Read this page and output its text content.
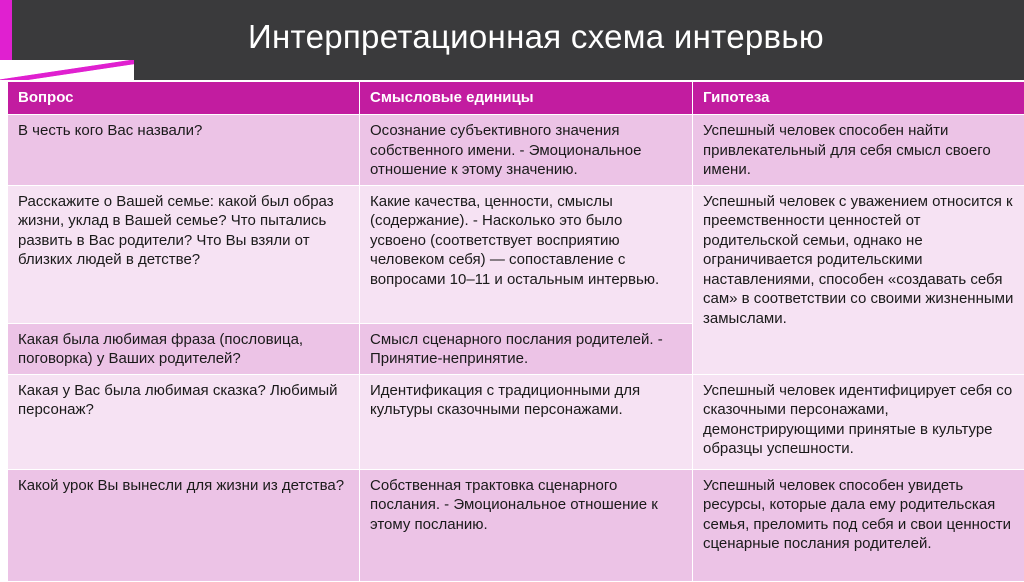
Интерпретационная схема интервью
Вопрос	Смысловые единицы	Гипотеза
В честь кого Вас назвали?	Осознание субъективного значения собственного имени. - Эмоциональное отношение к этому значению.	Успешный человек способен найти привлекательный для себя смысл своего имени.
Расскажите о Вашей семье: какой был образ жизни, уклад в Вашей семье? Что пытались развить в Вас родители? Что Вы взяли от близких людей в детстве?	Какие качества, ценности, смыслы (содержание). - Насколько это было усвоено (соответствует восприятию человеком себя) — сопоставление с вопросами 10–11 и остальным интервью.	Успешный человек с уважением относится к преемственности ценностей от родительской семьи, однако не ограничивается родительскими наставлениями, способен «создавать себя сам» в соответствии со своими жизненными замыслами.
Какая была любимая фраза (пословица, поговорка) у Ваших родителей?	Смысл сценарного послания родителей. - Принятие-непринятие.	
Какая у Вас была любимая сказка? Любимый персонаж?	Идентификация с традиционными для культуры сказочными персонажами.	Успешный человек идентифицирует себя со сказочными персонажами, демонстрирующими принятые в культуре образцы успешности.
Какой урок Вы вынесли для жизни из детства?	Собственная трактовка сценарного послания. - Эмоциональное отношение к этому посланию.	Успешный человек способен увидеть ресурсы, которые дала ему родительская семья, преломить под себя и свои ценности сценарные послания родителей.
